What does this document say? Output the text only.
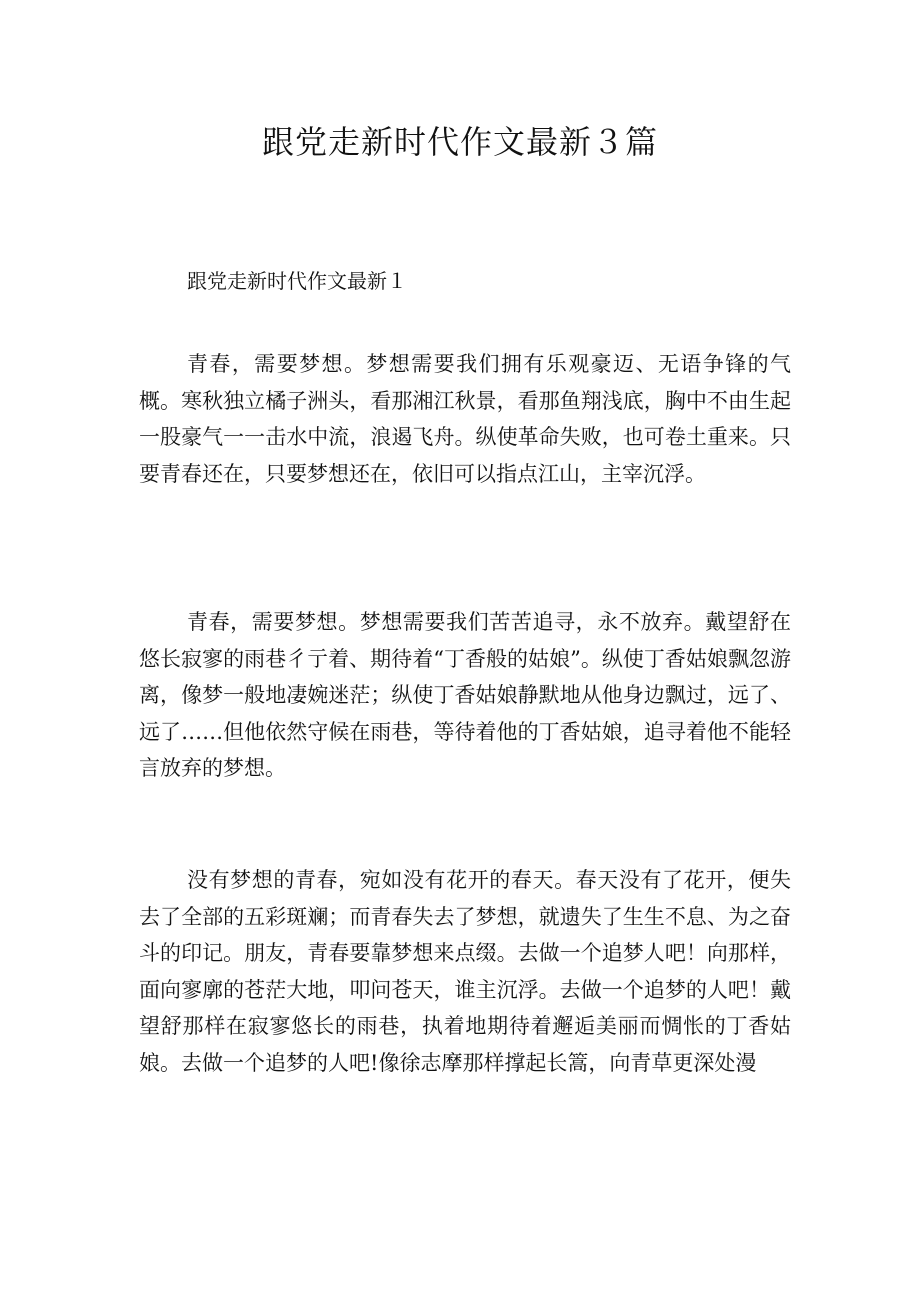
跟党走新时代作文最新３篇
跟党走新时代作文最新１

青春，需要梦想。梦想需要我们拥有乐观豪迈、无语争锋的气概。寒秋独立橘子洲头，看那湘江秋景，看那鱼翔浅底，胸中不由生起一股豪气一一击水中流，浪遏飞舟。纵使革命失败，也可卷土重来。只要青春还在，只要梦想还在，依旧可以指点江山，主宰沉浮。

青春，需要梦想。梦想需要我们苦苦追寻，永不放弃。戴望舒在悠长寂寥的雨巷彳亍着、期待着“丁香般的姑娘”。纵使丁香姑娘飘忽游离，像梦一般地凄婉迷茫；纵使丁香姑娘静默地从他身边飘过，远了、远了……但他依然守候在雨巷，等待着他的丁香姑娘，追寻着他不能轻言放弃的梦想。

没有梦想的青春，宛如没有花开的春天。春天没有了花开，便失去了全部的五彩斑斓；而青春失去了梦想，就遗失了生生不息、为之奋斗的印记。朋友，青春要靠梦想来点缀。去做一个追梦人吧！向那样，面向寥廓的苍茫大地，叩问苍天，谁主沉浮。去做一个追梦的人吧！戴望舒那样在寂寥悠长的雨巷，执着地期待着邂逅美丽而惆怅的丁香姑娘。去做一个追梦的人吧!像徐志摩那样撑起长篙，向青草更深处漫
